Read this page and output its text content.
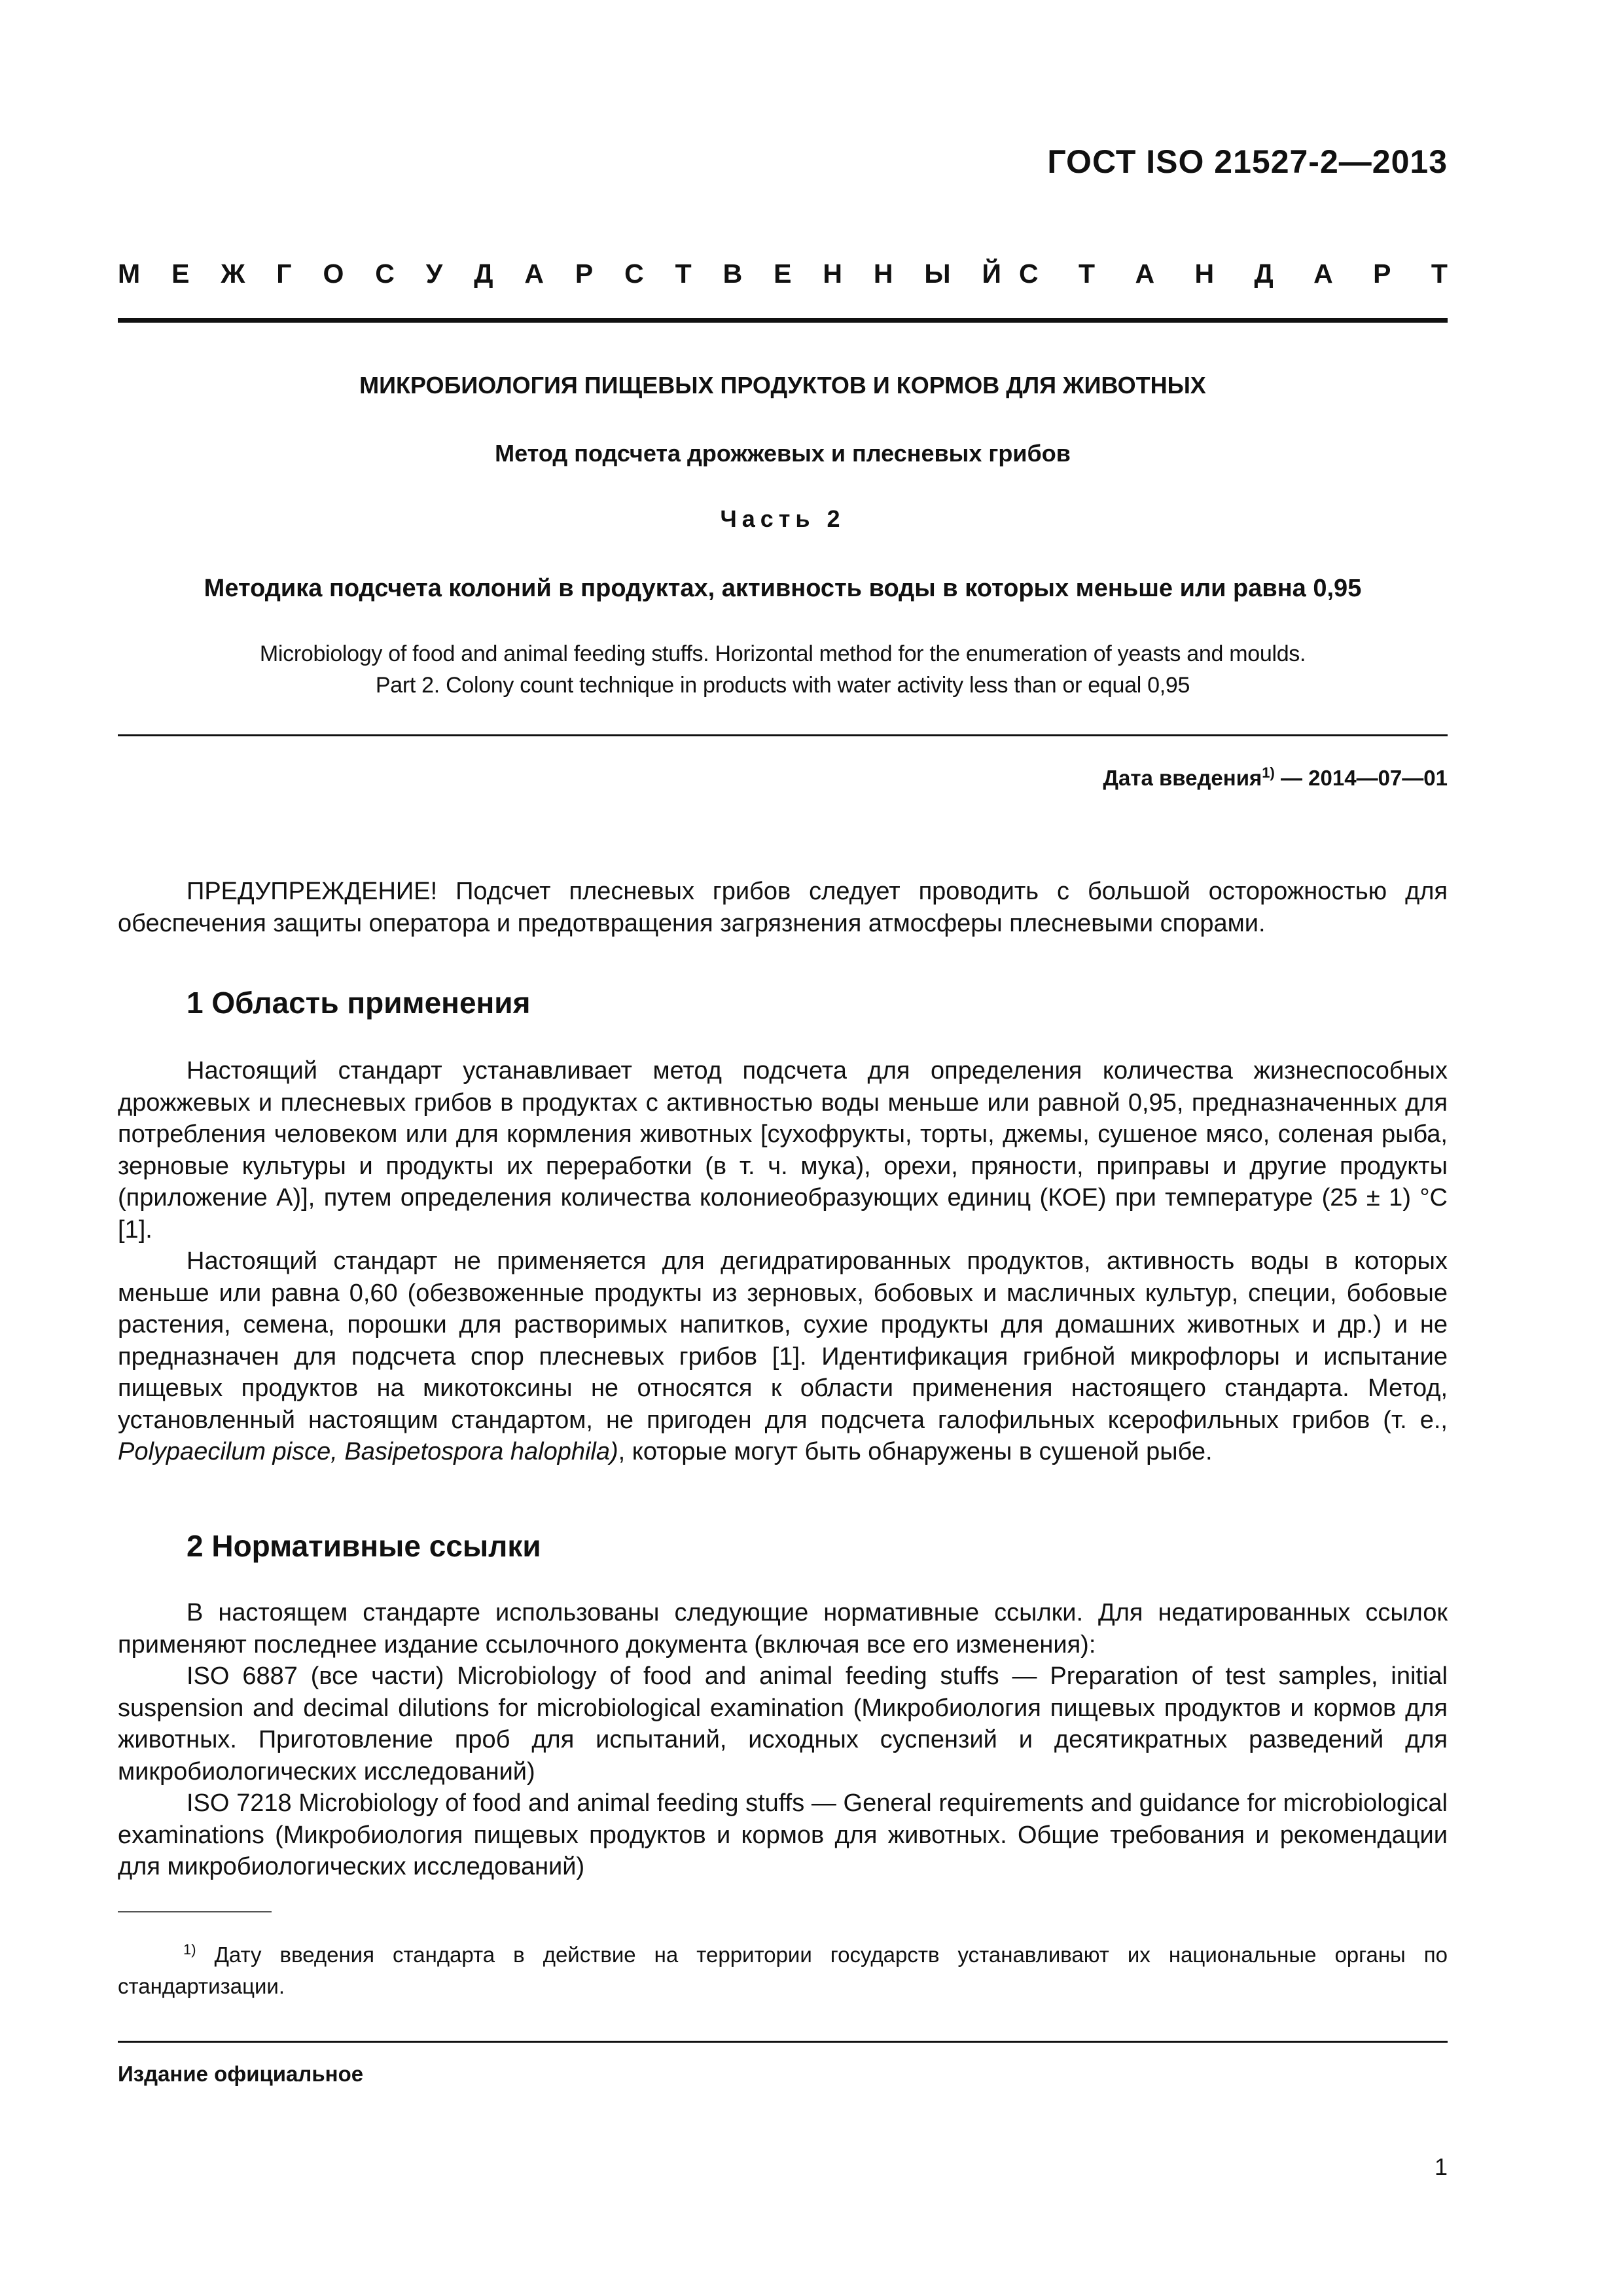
ГОСТ ISO 21527-2—2013
М Е Ж Г О С У Д А Р С Т В Е Н Н Ы Й С Т А Н Д А Р Т
МИКРОБИОЛОГИЯ ПИЩЕВЫХ ПРОДУКТОВ И КОРМОВ ДЛЯ ЖИВОТНЫХ
Метод подсчета дрожжевых и плесневых грибов
Часть 2
Методика подсчета колоний в продуктах, активность воды в которых меньше или равна 0,95
Microbiology of food and animal feeding stuffs. Horizontal method for the enumeration of yeasts and moulds.
Part 2. Colony count technique in products with water activity less than or equal 0,95
Дата введения$^{1)}$ — 2014—07—01

ПРЕДУПРЕЖДЕНИЕ! Подсчет плесневых грибов следует проводить с большой осторожностью для обеспечения защиты оператора и предотвращения загрязнения атмосферы плесневыми спорами.

1 Область применения

Настоящий стандарт устанавливает метод подсчета для определения количества жизнеспособных дрожжевых и плесневых грибов в продуктах с активностью воды меньше или равной 0,95, предназначенных для потребления человеком или для кормления животных [сухофрукты, торты, джемы, сушеное мясо, соленая рыба, зерновые культуры и продукты их переработки (в т. ч. мука), орехи, пряности, приправы и другие продукты (приложение А)], путем определения количества колониеобразующих единиц (КОЕ) при температуре (25 ± 1) °С [1].

Настоящий стандарт не применяется для дегидратированных продуктов, активность воды в которых меньше или равна 0,60 (обезвоженные продукты из зерновых, бобовых и масличных культур, специи, бобовые растения, семена, порошки для растворимых напитков, сухие продукты для домашних животных и др.) и не предназначен для подсчета спор плесневых грибов [1]. Идентификация грибной микрофлоры и испытание пищевых продуктов на микотоксины не относятся к области применения настоящего стандарта. Метод, установленный настоящим стандартом, не пригоден для подсчета галофильных ксерофильных грибов (т. е., Polypaecilum pisce, Basipetospora halophila), которые могут быть обнаружены в сушеной рыбе.

2 Нормативные ссылки

В настоящем стандарте использованы следующие нормативные ссылки. Для недатированных ссылок применяют последнее издание ссылочного документа (включая все его изменения):

ISO 6887 (все части) Microbiology of food and animal feeding stuffs — Preparation of test samples, initial suspension and decimal dilutions for microbiological examination (Микробиология пищевых продуктов и кормов для животных. Приготовление проб для испытаний, исходных суспензий и десятикратных разведений для микробиологических исследований)

ISO 7218 Microbiology of food and animal feeding stuffs — General requirements and guidance for microbiological examinations (Микробиология пищевых продуктов и кормов для животных. Общие требования и рекомендации для микробиологических исследований)

$^{1)}$ Дату введения стандарта в действие на территории государств устанавливают их национальные органы по стандартизации.

Издание официальное
1
